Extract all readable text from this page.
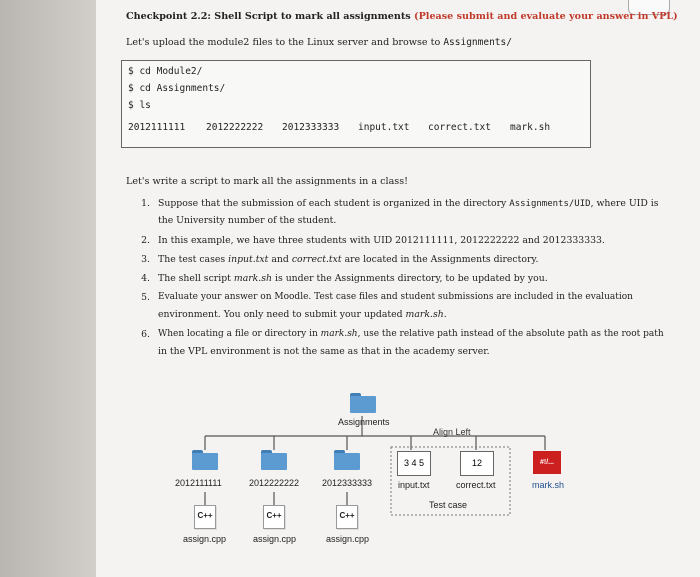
Checkpoint 2.2: Shell Script to mark all assignments (Please submit and evaluate your answer in VPL)
Let's upload the module2 files to the Linux server and browse to Assignments/
$ cd Module2/
$ cd Assignments/
$ ls
2012111111 2012222222 2012333333 input.txt correct.txt mark.sh
Let's write a script to mark all the assignments in a class!
1. Suppose that the submission of each student is organized in the directory Assignments/UID, where UID is
the University number of the student.
2. In this example, we have three students with UID 2012111111, 2012222222 and 2012333333.
3. The test cases input.txt and correct.txt are located in the Assignments directory.
4. The shell script mark.sh is under the Assignments directory, to be updated by you.
5. Evaluate your answer on Moodle. Test case files and student submissions are included in the evaluation
environment. You only need to submit your updated mark.sh.
6. When locating a file or directory in mark.sh, use the relative path instead of the absolute path as the root path
in the VPL environment is not the same as that in the academy server.
Assignments
Align Left
2012111111	2012222222	2012333333
C++	C++	C++
assign.cpp	assign.cpp	assign.cpp
3 4 5	12
input.txt	correct.txt
Test case
#!/...
mark.sh
